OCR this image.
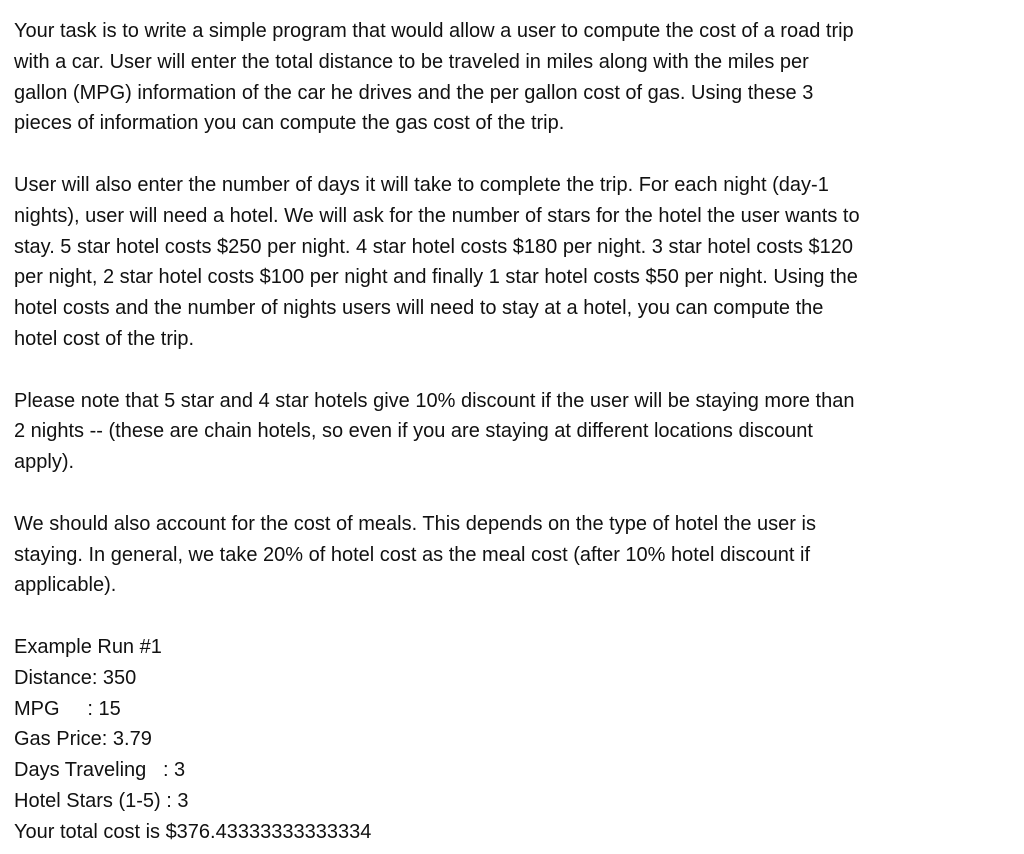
Your task is to write a simple program that would allow a user to compute the cost of a road trip
with a car. User will enter the total distance to be traveled in miles along with the miles per
gallon (MPG) information of the car he drives and the per gallon cost of gas. Using these 3
pieces of information you can compute the gas cost of the trip.

User will also enter the number of days it will take to complete the trip. For each night (day-1
nights), user will need a hotel. We will ask for the number of stars for the hotel the user wants to
stay. 5 star hotel costs $250 per night. 4 star hotel costs $180 per night. 3 star hotel costs $120
per night, 2 star hotel costs $100 per night and finally 1 star hotel costs $50 per night. Using the
hotel costs and the number of nights users will need to stay at a hotel, you can compute the
hotel cost of the trip.

Please note that 5 star and 4 star hotels give 10% discount if the user will be staying more than
2 nights -- (these are chain hotels, so even if you are staying at different locations discount
apply).

We should also account for the cost of meals. This depends on the type of hotel the user is
staying. In general, we take 20% of hotel cost as the meal cost (after 10% hotel discount if
applicable).

Example Run #1
Distance: 350
MPG     : 15
Gas Price: 3.79
Days Traveling   : 3
Hotel Stars (1-5) : 3
Your total cost is $376.43333333333334
